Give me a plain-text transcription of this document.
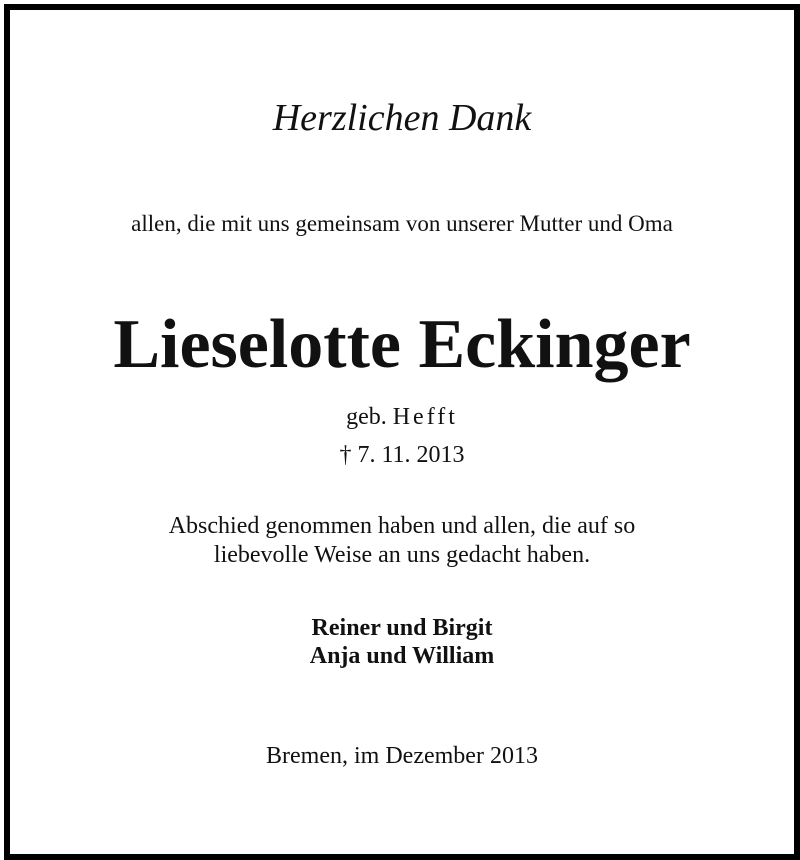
Herzlichen Dank
allen, die mit uns gemeinsam von unserer Mutter und Oma
Lieselotte Eckinger
geb. Hefft
† 7. 11. 2013
Abschied genommen haben und allen, die auf so
liebevolle Weise an uns gedacht haben.
Reiner und Birgit
Anja und William
Bremen, im Dezember 2013
